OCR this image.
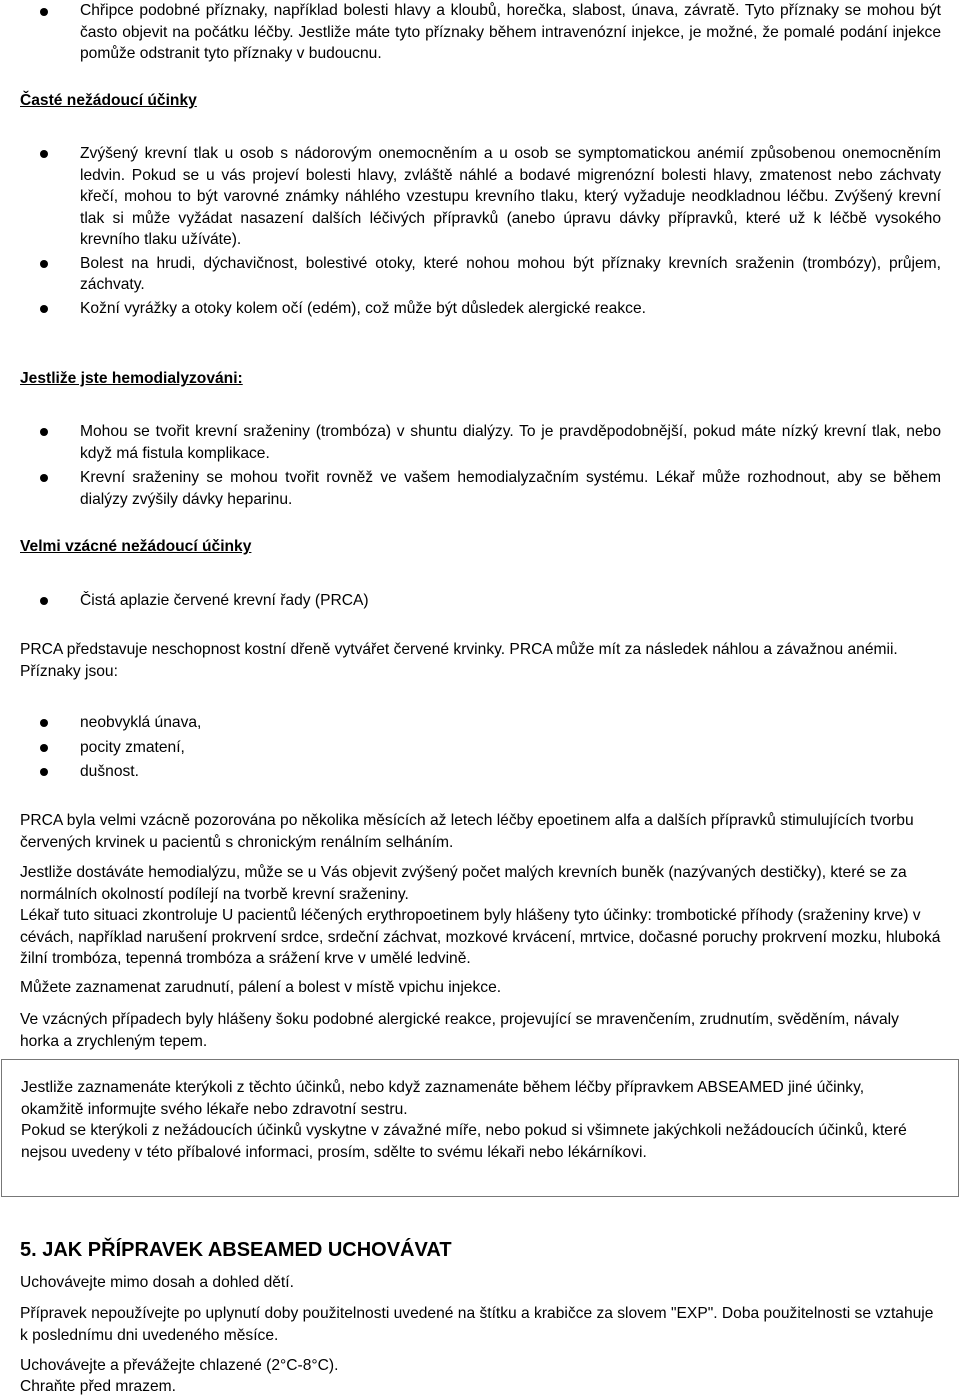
Chřipce podobné příznaky, například bolesti hlavy a kloubů, horečka, slabost, únava, závratě. Tyto příznaky se mohou být často objevit na počátku léčby. Jestliže máte tyto příznaky během intravenózní injekce, je možné, že pomalé podání injekce pomůže odstranit tyto příznaky v budoucnu.
Časté nežádoucí účinky
Zvýšený krevní tlak u osob s nádorovým onemocněním a u osob se symptomatickou anémií způsobenou onemocněním ledvin. Pokud se u vás projeví bolesti hlavy, zvláště náhlé a bodavé migrenózní bolesti hlavy, zmatenost nebo záchvaty křečí, mohou to být varovné známky náhlého vzestupu krevního tlaku, který vyžaduje neodkladnou léčbu. Zvýšený krevní tlak si může vyžádat nasazení dalších léčivých přípravků (anebo úpravu dávky přípravků, které už k léčbě vysokého krevního tlaku užíváte).
Bolest na hrudi, dýchavičnost, bolestivé otoky, které nohou mohou být příznaky krevních sraženin (trombózy), průjem, záchvaty.
Kožní vyrážky a otoky kolem očí (edém), což může být důsledek alergické reakce.
Jestliže jste hemodialyzováni:
Mohou se tvořit krevní sraženiny (trombóza) v shuntu dialýzy. To je pravděpodobnější, pokud máte nízký krevní tlak, nebo když má fistula komplikace.
Krevní sraženiny se mohou tvořit rovněž ve vašem hemodialyzačním systému. Lékař může rozhodnout, aby se během dialýzy zvýšily dávky heparinu.
Velmi vzácné nežádoucí účinky
Čistá aplazie červené krevní řady (PRCA)
PRCA představuje neschopnost kostní dřeně vytvářet červené krvinky. PRCA může mít za následek náhlou a závažnou anémii. Příznaky jsou:
neobvyklá únava,
pocity zmatení,
dušnost.
PRCA byla velmi vzácně pozorována po několika měsících až letech léčby epoetinem alfa a dalších přípravků stimulujících tvorbu červených krvinek u pacientů s chronickým renálním selháním.
Jestliže dostáváte hemodialýzu, může se u Vás objevit zvýšený počet malých krevních buněk (nazývaných destičky), které se za normálních okolností podílejí na tvorbě krevní sraženiny.
Lékař tuto situaci zkontroluje U pacientů léčených erythropoetinem byly hlášeny tyto účinky: trombotické příhody (sraženiny krve) v cévách, například narušení prokrvení srdce, srdeční záchvat, mozkové krvácení, mrtvice, dočasné poruchy prokrvení mozku, hluboká žilní trombóza, tepenná trombóza a srážení krve v umělé ledvině.
Můžete zaznamenat zarudnutí, pálení a bolest v místě vpichu injekce.
Ve vzácných případech byly hlášeny šoku podobné alergické reakce, projevující se mravenčením, zrudnutím, svěděním, návaly horka a zrychleným tepem.
Jestliže zaznamenáte kterýkoli z těchto účinků, nebo když zaznamenáte během léčby přípravkem ABSEAMED jiné účinky, okamžitě informujte svého lékaře nebo zdravotní sestru.
Pokud se kterýkoli z nežádoucích účinků vyskytne v závažné míře, nebo pokud si všimnete jakýchkoli nežádoucích účinků, které nejsou uvedeny v této příbalové informaci, prosím, sdělte to svému lékaři nebo lékárníkovi.
5. JAK PŘÍPRAVEK ABSEAMED UCHOVÁVAT
Uchovávejte mimo dosah a dohled dětí.
Přípravek nepoužívejte po uplynutí doby použitelnosti uvedené na štítku a krabičce za slovem "EXP". Doba použitelnosti se vztahuje k poslednímu dni uvedeného měsíce.
Uchovávejte a převážejte chlazené (2°C-8°C).
Chraňte před mrazem.
